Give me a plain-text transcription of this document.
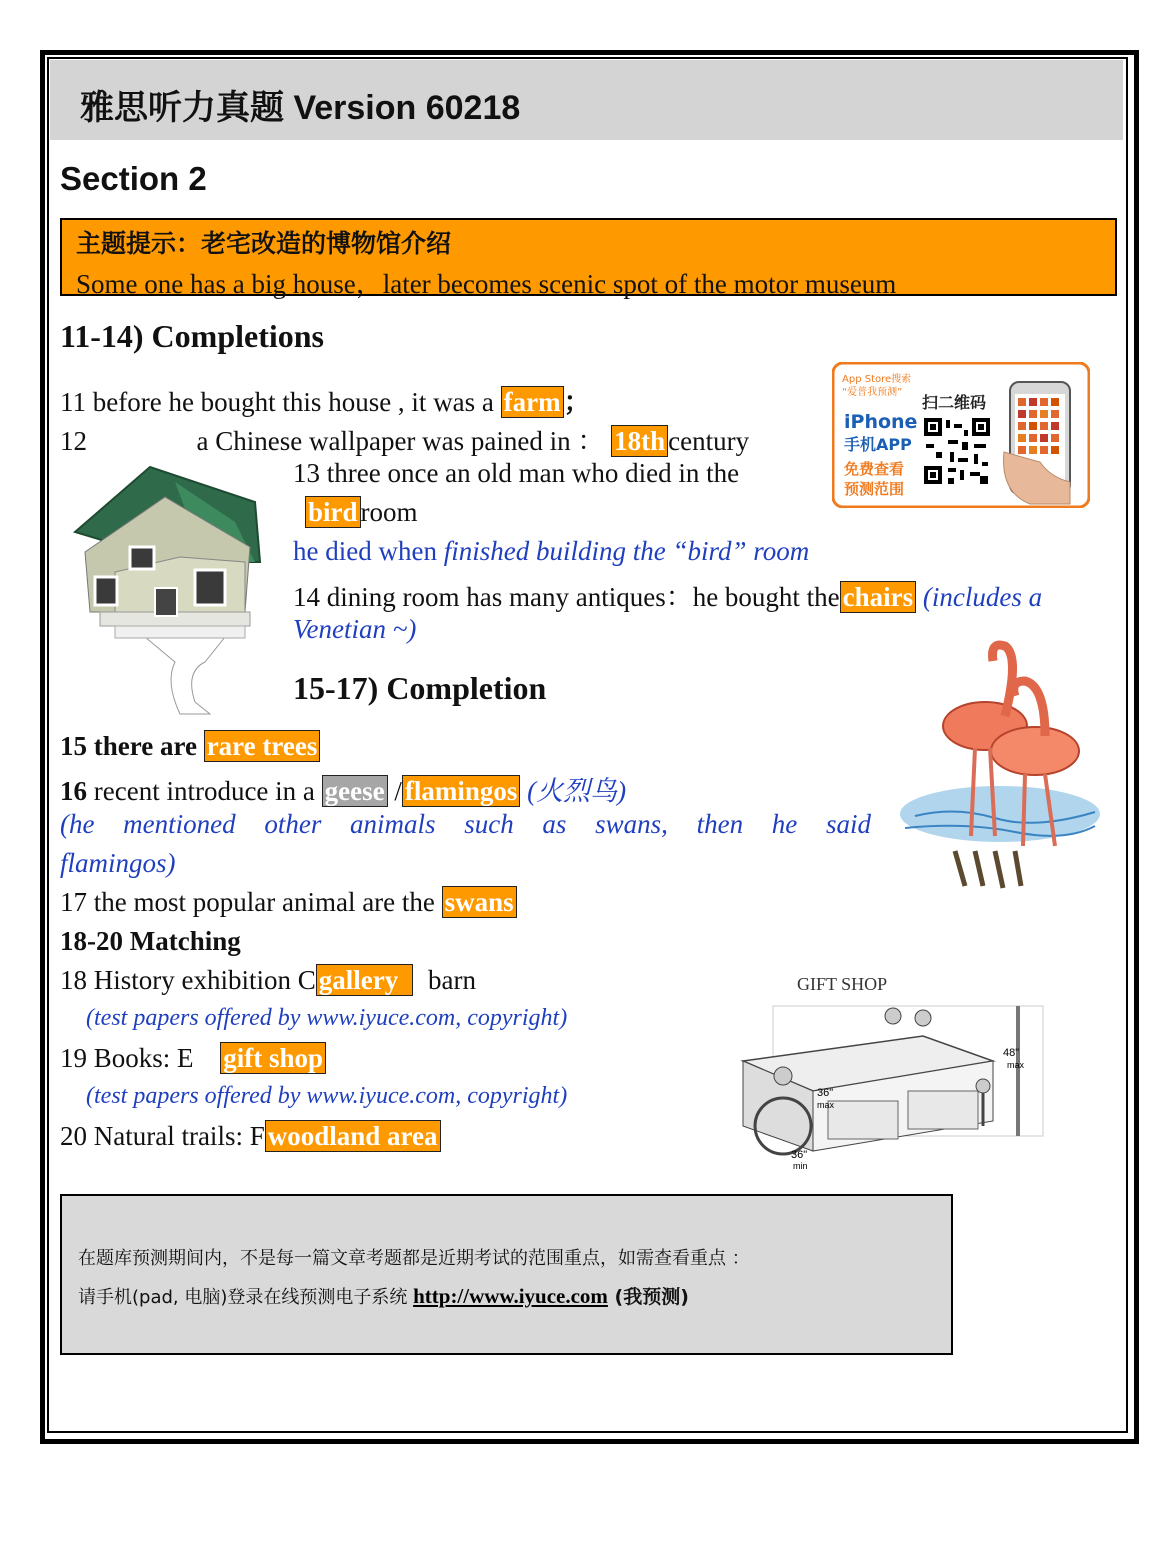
雅思听力真题 Version 60218
Section 2
主题提示：老宅改造的博物馆介绍
Some one has a big house，later becomes scenic spot of the motor museum
11-14) Completions
11 before he bought this house , it was a farm ；
12	a Chinese wallpaper was pained in ： 18th century
13 three once an old man who died in the
bird room
he died when finished building the “bird” room
14 dining room has many antiques：he bought the chairs (includes a
Venetian ~)
15-17) Completion
15 there are rare trees
16 recent introduce in a geese / flamingos (火烈鸟)
(he mentioned other animals such as swans, then he said
flamingos)
17 the most popular animal are the swans
18-20 Matching
18 History exhibition C gallery barn
(test papers offered by www.iyuce.com, copyright)
19 Books: E gift shop
(test papers offered by www.iyuce.com, copyright)
20 Natural trails: F woodland area
App Store搜索
“爱普我预测”
iPhone
手机APP
免费查看
预测范围
扫二维码
GIFT SHOP
48"
max
36"
max
36"
min
在题库预测期间内，不是每一篇文章考题都是近期考试的范围重点，如需查看重点 ：
请手机(pad, 电脑)登录在线预测电子系统 http://www.iyuce.com (我预测)
